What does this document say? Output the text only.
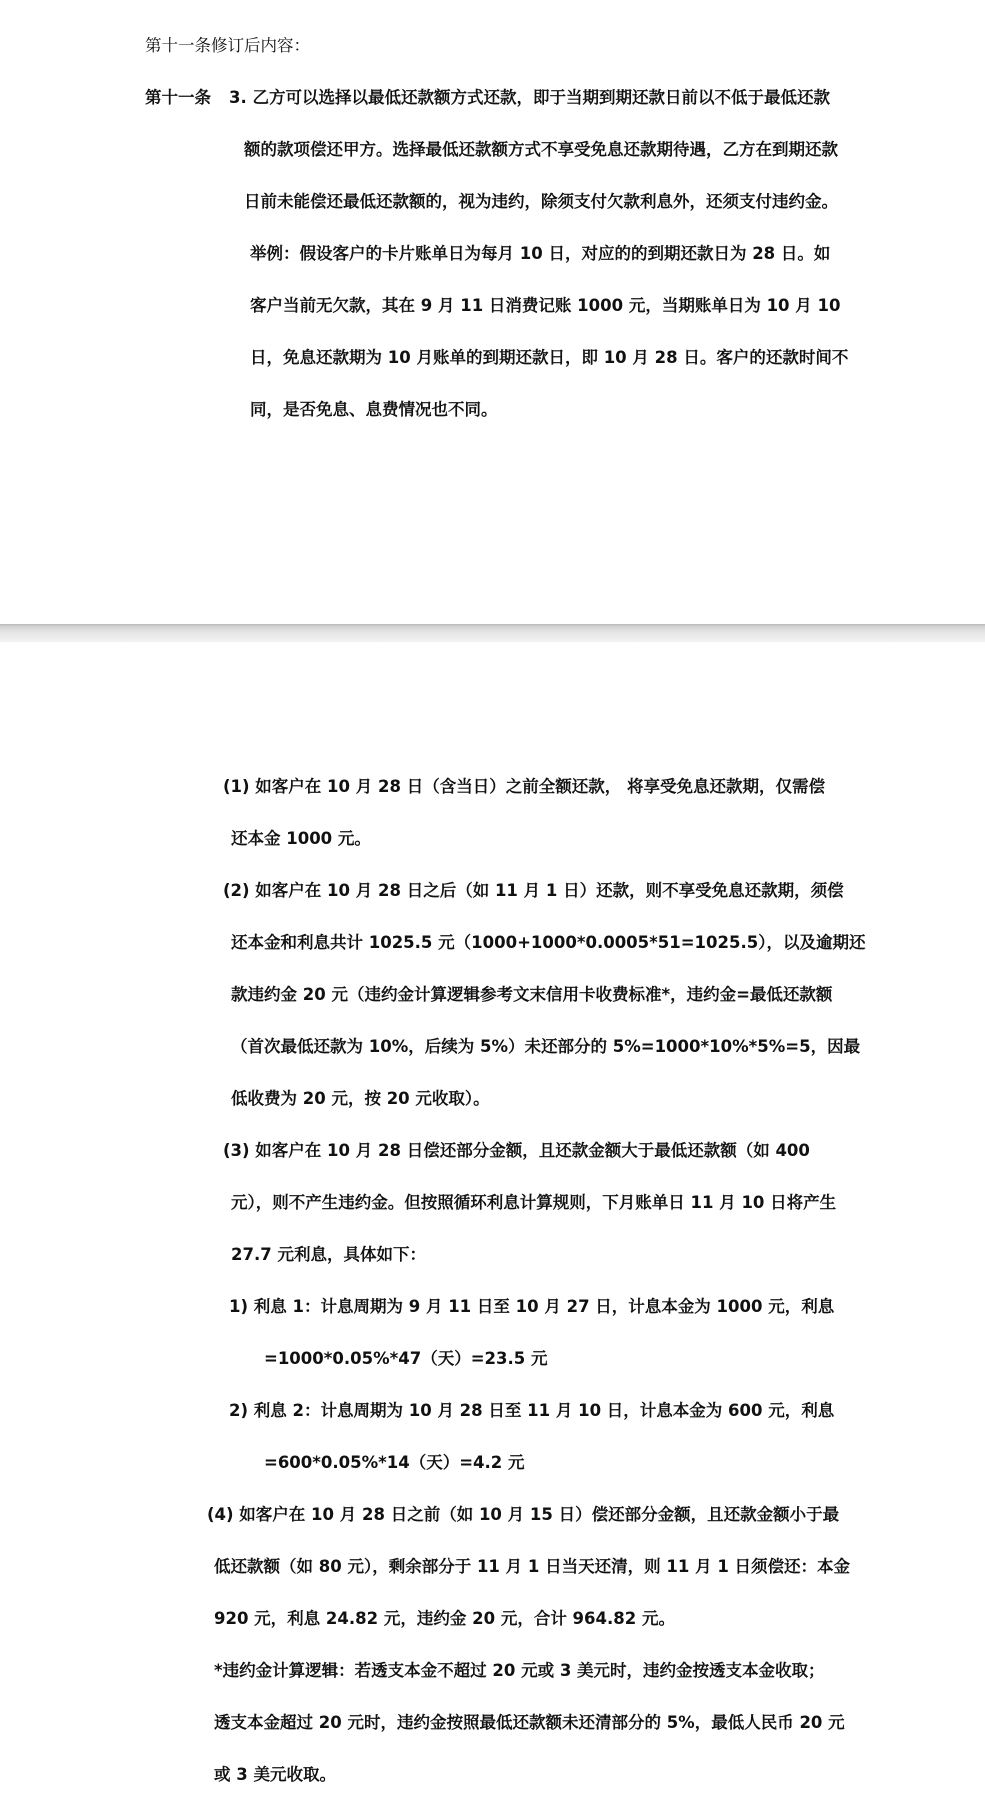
第十一条修订后内容：
第十一条 3. 乙方可以选择以最低还款额方式还款，即于当期到期还款日前以不低于最低还款
额的款项偿还甲方。选择最低还款额方式不享受免息还款期待遇，乙方在到期还款
日前未能偿还最低还款额的，视为违约，除须支付欠款利息外，还须支付违约金。
举例：假设客户的卡片账单日为每月 10 日，对应的的到期还款日为 28 日。如
客户当前无欠款，其在 9 月 11 日消费记账 1000 元，当期账单日为 10 月 10
日，免息还款期为 10 月账单的到期还款日，即 10 月 28 日。客户的还款时间不
同，是否免息、息费情况也不同。
(1) 如客户在 10 月 28 日（含当日）之前全额还款， 将享受免息还款期，仅需偿
还本金 1000 元。
(2) 如客户在 10 月 28 日之后（如 11 月 1 日）还款，则不享受免息还款期，须偿
还本金和利息共计 1025.5 元（1000+1000*0.0005*51=1025.5），以及逾期还
款违约金 20 元（违约金计算逻辑参考文末信用卡收费标准*，违约金=最低还款额
（首次最低还款为 10%，后续为 5%）未还部分的 5%=1000*10%*5%=5，因最
低收费为 20 元，按 20 元收取）。
(3) 如客户在 10 月 28 日偿还部分金额，且还款金额大于最低还款额（如 400
元），则不产生违约金。但按照循环利息计算规则，下月账单日 11 月 10 日将产生
27.7 元利息，具体如下：
1) 利息 1：计息周期为 9 月 11 日至 10 月 27 日，计息本金为 1000 元，利息
=1000*0.05%*47（天）=23.5 元
2) 利息 2：计息周期为 10 月 28 日至 11 月 10 日，计息本金为 600 元，利息
=600*0.05%*14（天）=4.2 元
(4) 如客户在 10 月 28 日之前（如 10 月 15 日）偿还部分金额，且还款金额小于最
低还款额（如 80 元），剩余部分于 11 月 1 日当天还清，则 11 月 1 日须偿还：本金
920 元，利息 24.82 元，违约金 20 元，合计 964.82 元。
*违约金计算逻辑：若透支本金不超过 20 元或 3 美元时，违约金按透支本金收取；
透支本金超过 20 元时，违约金按照最低还款额未还清部分的 5%，最低人民币 20 元
或 3 美元收取。
